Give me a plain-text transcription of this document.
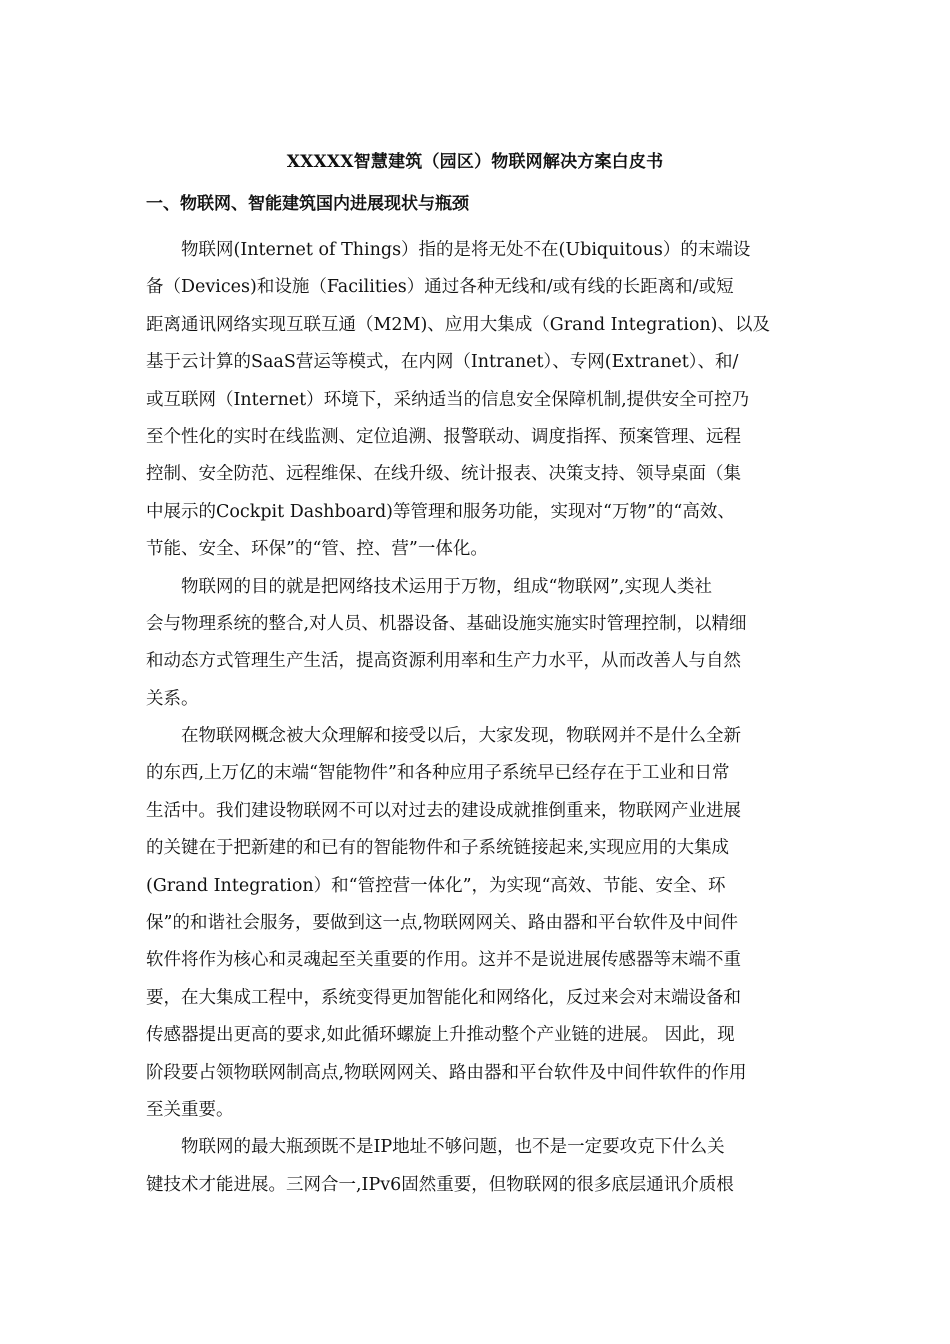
XXXXX智慧建筑（园区）物联网解决方案白皮书
一、物联网、智能建筑国内进展现状与瓶颈
物联网(Internet of Things）指的是将无处不在(Ubiquitous）的末端设
备（Devices)和设施（Facilities）通过各种无线和/或有线的长距离和/或短
距离通讯网络实现互联互通（M2M)、应用大集成（Grand Integration)、以及
基于云计算的SaaS营运等模式，在内网（Intranet）、专网(Extranet）、和/
或互联网（Internet）环境下，采纳适当的信息安全保障机制,提供安全可控乃
至个性化的实时在线监测、定位追溯、报警联动、调度指挥、预案管理、远程
控制、安全防范、远程维保、在线升级、统计报表、决策支持、领导桌面（集
中展示的Cockpit Dashboard)等管理和服务功能，实现对“万物”的“高效、
节能、安全、环保”的“管、控、营”一体化。
物联网的目的就是把网络技术运用于万物，组成“物联网”,实现人类社
会与物理系统的整合,对人员、机器设备、基础设施实施实时管理控制，以精细
和动态方式管理生产生活，提高资源利用率和生产力水平，从而改善人与自然
关系。
在物联网概念被大众理解和接受以后，大家发现，物联网并不是什么全新
的东西,上万亿的末端“智能物件”和各种应用子系统早已经存在于工业和日常
生活中。我们建设物联网不可以对过去的建设成就推倒重来，物联网产业进展
的关键在于把新建的和已有的智能物件和子系统链接起来,实现应用的大集成
(Grand Integration）和“管控营一体化”，为实现“高效、节能、安全、环
保”的和谐社会服务，要做到这一点,物联网网关、路由器和平台软件及中间件
软件将作为核心和灵魂起至关重要的作用。这并不是说进展传感器等末端不重
要，在大集成工程中，系统变得更加智能化和网络化，反过来会对末端设备和
传感器提出更高的要求,如此循环螺旋上升推动整个产业链的进展。 因此，现
阶段要占领物联网制高点,物联网网关、路由器和平台软件及中间件软件的作用
至关重要。
物联网的最大瓶颈既不是IP地址不够问题，也不是一定要攻克下什么关
键技术才能进展。三网合一,IPv6固然重要，但物联网的很多底层通讯介质根
